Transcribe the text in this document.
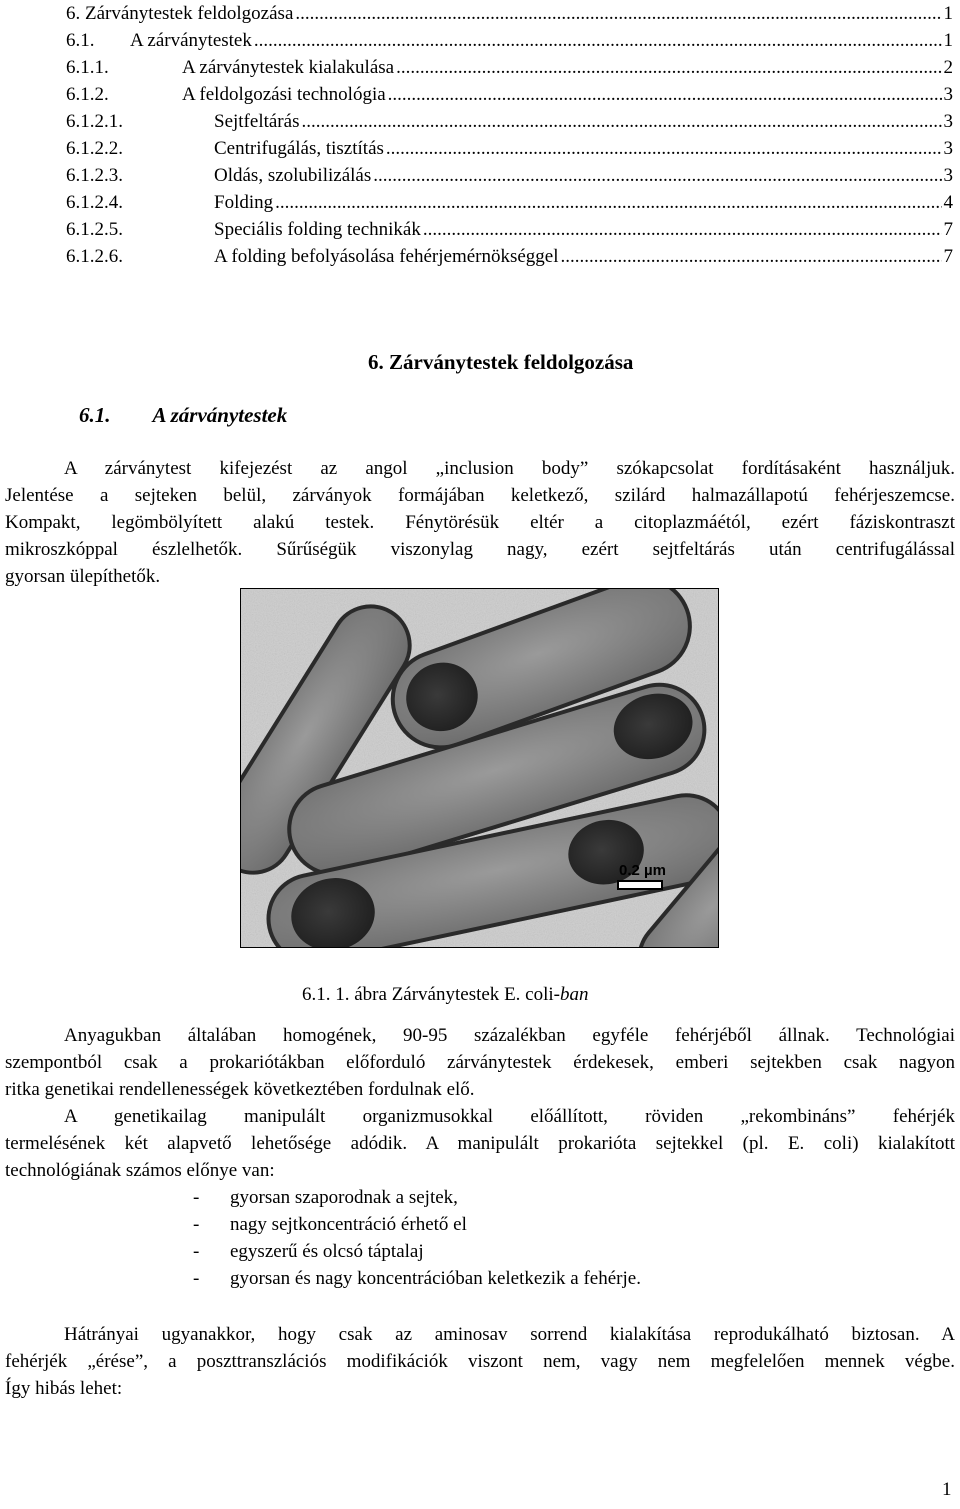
6. Zárványtestek feldolgozása .....	1
6.1.	A zárványtestek .....	1
6.1.1.	A zárványtestek kialakulása .....	2
6.1.2.	A feldolgozási technológia .....	3
6.1.2.1.	Sejtfeltárás .....	3
6.1.2.2.	Centrifugálás, tisztítás .....	3
6.1.2.3.	Oldás, szolubilizálás .....	3
6.1.2.4.	Folding .....	4
6.1.2.5.	Speciális folding technikák .....	7
6.1.2.6.	A folding befolyásolása fehérjemérnökséggel .....	7
6. Zárványtestek feldolgozása
6.1. A zárványtestek
A zárványtest kifejezést az angol „inclusion body” szókapcsolat fordításaként használjuk.
Jelentése a sejteken belül, zárványok formájában keletkező, szilárd halmazállapotú fehérjeszemcse.
Kompakt, legömbölyített alakú testek. Fénytörésük eltér a citoplazmáétól, ezért fáziskontraszt
mikroszkóppal észlelhetők. Sűrűségük viszonylag nagy, ezért sejtfeltárás után centrifugálással
gyorsan ülepíthetők.
0.2 µm
6.1. 1. ábra Zárványtestek E. coli-ban
Anyagukban általában homogének, 90-95 százalékban egyféle fehérjéből állnak. Technológiai
szempontból csak a prokariótákban előforduló zárványtestek érdekesek, emberi sejtekben csak nagyon
ritka genetikai rendellenességek következtében fordulnak elő.
A genetikailag manipulált organizmusokkal előállított, röviden „rekombináns” fehérjék
termelésének két alapvető lehetősége adódik. A manipulált prokarióta sejtekkel (pl. E. coli) kialakított
technológiának számos előnye van:
- gyorsan szaporodnak a sejtek,
- nagy sejtkoncentráció érhető el
- egyszerű és olcsó táptalaj
- gyorsan és nagy koncentrációban keletkezik a fehérje.
Hátrányai ugyanakkor, hogy csak az aminosav sorrend kialakítása reprodukálható biztosan. A
fehérjék „érése”, a poszttranszlációs modifikációk viszont nem, vagy nem megfelelően mennek végbe.
Így hibás lehet:
1
